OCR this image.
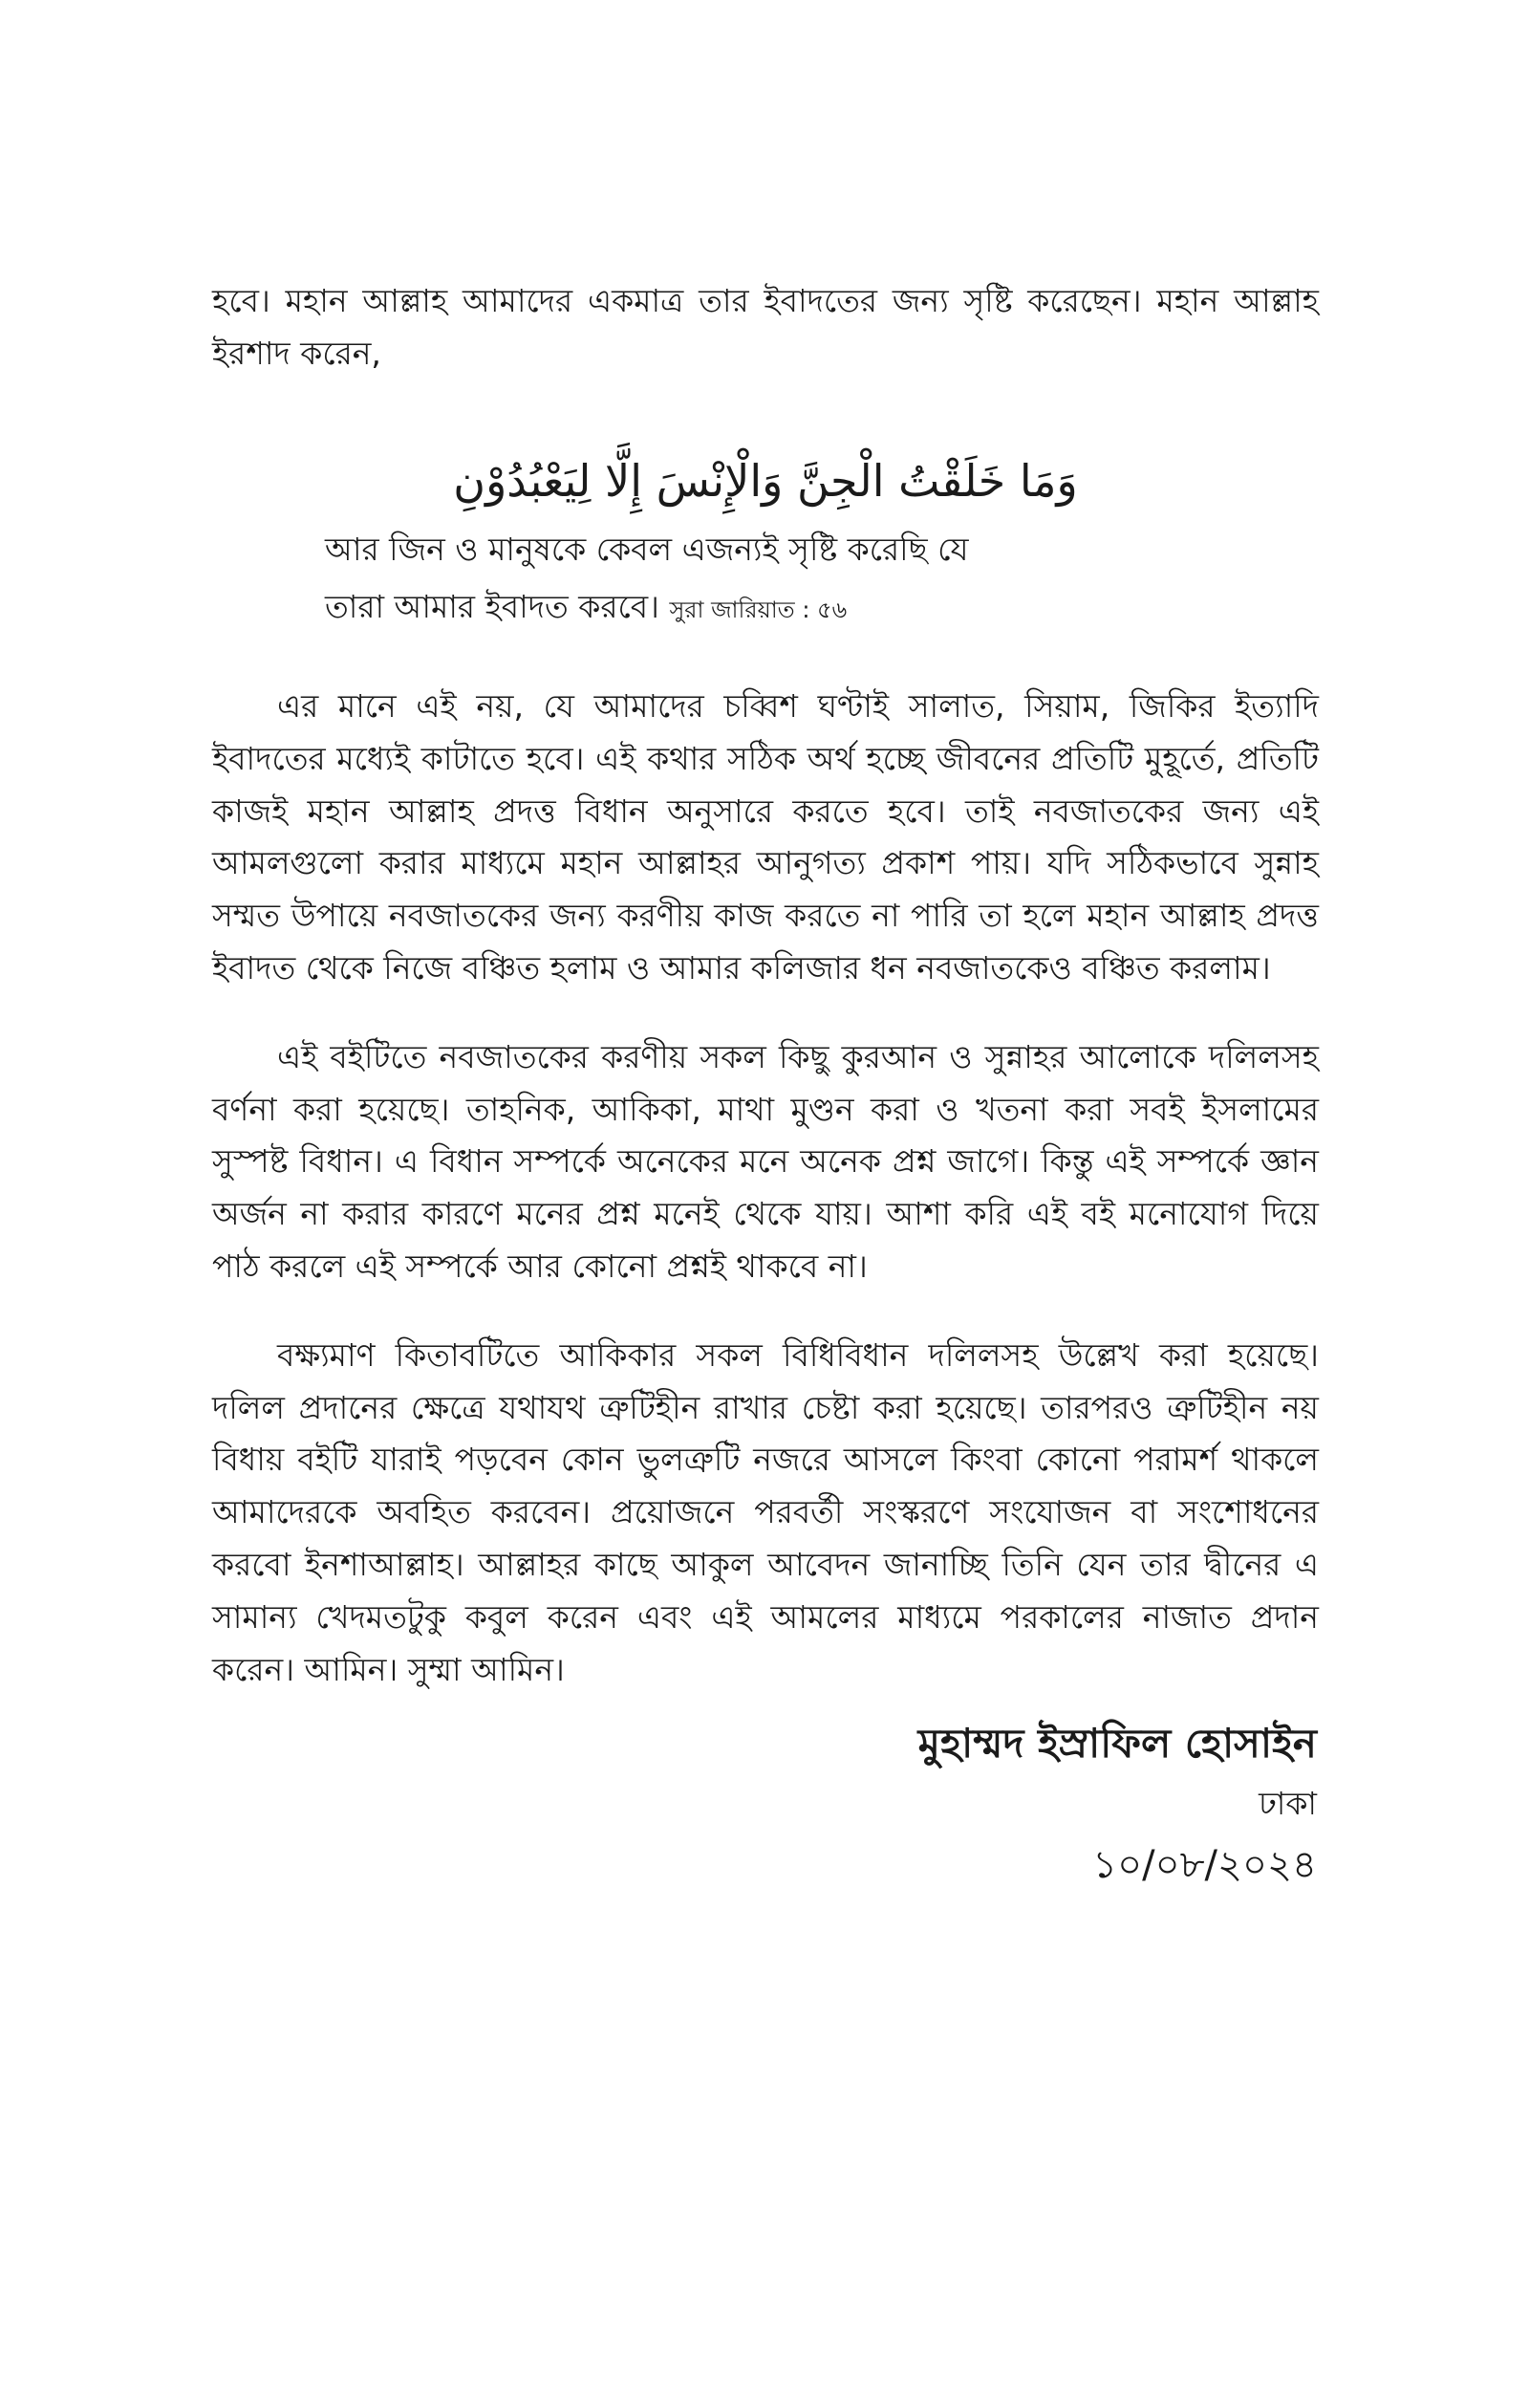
হবে। মহান আল্লাহ আমাদের একমাত্র তার ইবাদতের জন্য সৃষ্টি করেছেন। মহান আল্লাহ ইরশাদ করেন,

وَمَا خَلَقْتُ الْجِنَّ وَالْإِنْسَ إِلَّا لِيَعْبُدُوْنِ
আর জিন ও মানুষকে কেবল এজন্যই সৃষ্টি করেছি যে
তারা আমার ইবাদত করবে। সুরা জারিয়াত : ৫৬

এর মানে এই নয়, যে আমাদের চব্বিশ ঘণ্টাই সালাত, সিয়াম, জিকির ইত্যাদি ইবাদতের মধ্যেই কাটাতে হবে। এই কথার সঠিক অর্থ হচ্ছে জীবনের প্রতিটি মুহূর্তে, প্রতিটি কাজই মহান আল্লাহ প্রদত্ত বিধান অনুসারে করতে হবে। তাই নবজাতকের জন্য এই আমলগুলো করার মাধ্যমে মহান আল্লাহর আনুগত্য প্রকাশ পায়। যদি সঠিকভাবে সুন্নাহ সম্মত উপায়ে নবজাতকের জন্য করণীয় কাজ করতে না পারি তা হলে মহান আল্লাহ প্রদত্ত ইবাদত থেকে নিজে বঞ্চিত হলাম ও আমার কলিজার ধন নবজাতকেও বঞ্চিত করলাম।

এই বইটিতে নবজাতকের করণীয় সকল কিছু কুরআন ও সুন্নাহর আলোকে দলিলসহ বর্ণনা করা হয়েছে। তাহনিক, আকিকা, মাথা মুণ্ডন করা ও খতনা করা সবই ইসলামের সুস্পষ্ট বিধান। এ বিধান সম্পর্কে অনেকের মনে অনেক প্রশ্ন জাগে। কিন্তু এই সম্পর্কে জ্ঞান অর্জন না করার কারণে মনের প্রশ্ন মনেই থেকে যায়। আশা করি এই বই মনোযোগ দিয়ে পাঠ করলে এই সম্পর্কে আর কোনো প্রশ্নই থাকবে না।

বক্ষ্যমাণ কিতাবটিতে আকিকার সকল বিধিবিধান দলিলসহ উল্লেখ করা হয়েছে। দলিল প্রদানের ক্ষেত্রে যথাযথ ত্রুটিহীন রাখার চেষ্টা করা হয়েছে। তারপরও ত্রুটিহীন নয় বিধায় বইটি যারাই পড়বেন কোন ভুলত্রুটি নজরে আসলে কিংবা কোনো পরামর্শ থাকলে আমাদেরকে অবহিত করবেন। প্রয়োজনে পরবর্তী সংস্করণে সংযোজন বা সংশোধনের করবো ইনশাআল্লাহ। আল্লাহর কাছে আকুল আবেদন জানাচ্ছি তিনি যেন তার দ্বীনের এ সামান্য খেদমতটুকু কবুল করেন এবং এই আমলের মাধ্যমে পরকালের নাজাত প্রদান করেন। আমিন। সুম্মা আমিন।

মুহাম্মদ ইস্রাফিল হোসাইন
ঢাকা
১০/০৮/২০২৪
